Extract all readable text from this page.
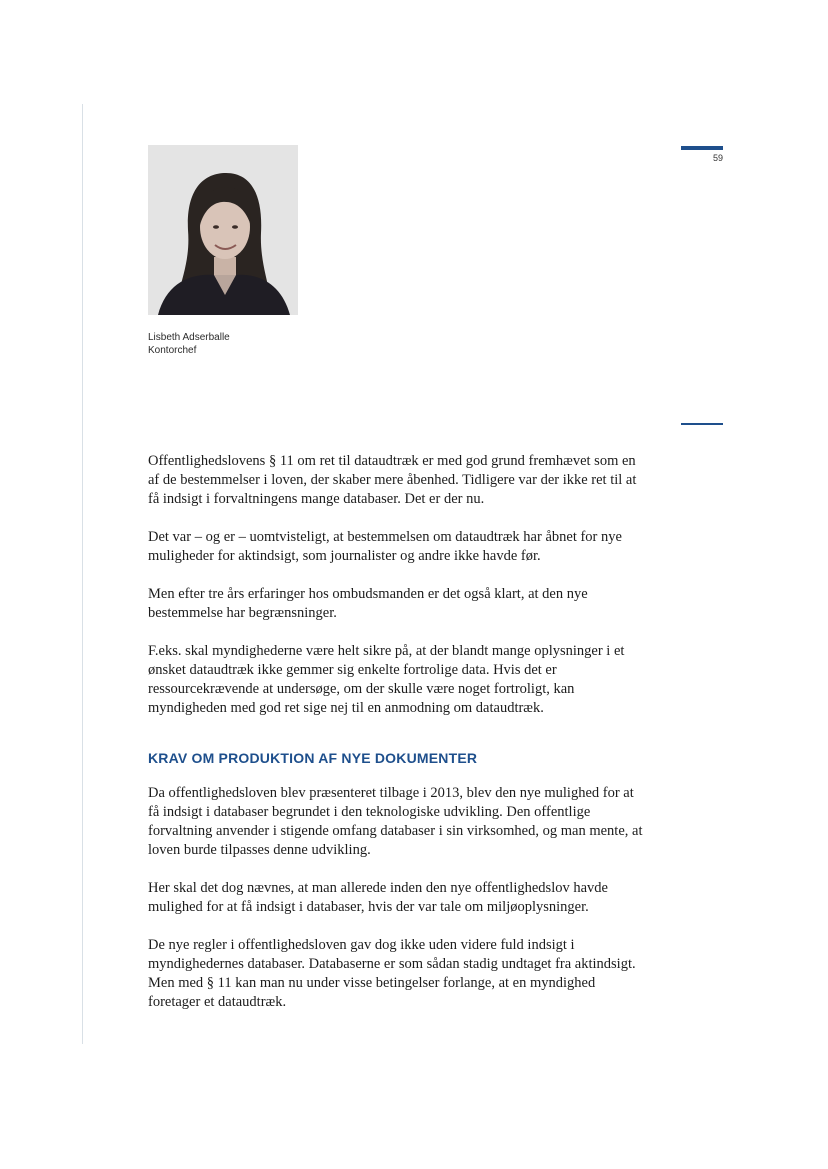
59
Lisbeth Adserballe
Kontorchef

Offentlighedslovens § 11 om ret til dataudtræk er med god grund fremhævet som en af de bestemmelser i loven, der skaber mere åbenhed. Tidligere var der ikke ret til at få indsigt i forvaltningens mange databaser. Det er der nu.

Det var – og er – uomtvisteligt, at bestemmelsen om dataudtræk har åbnet for nye muligheder for aktindsigt, som journalister og andre ikke havde før.

Men efter tre års erfaringer hos ombudsmanden er det også klart, at den nye bestemmelse har begrænsninger.

F.eks. skal myndighederne være helt sikre på, at der blandt mange oplysninger i et ønsket dataudtræk ikke gemmer sig enkelte fortrolige data. Hvis det er ressourcekrævende at undersøge, om der skulle være noget fortroligt, kan myndigheden med god ret sige nej til en anmodning om dataudtræk.

KRAV OM PRODUKTION AF NYE DOKUMENTER

Da offentlighedsloven blev præsenteret tilbage i 2013, blev den nye mulighed for at få indsigt i databaser begrundet i den teknologiske udvikling. Den offentlige forvaltning anvender i stigende omfang databaser i sin virksomhed, og man mente, at loven burde tilpasses denne udvikling.

Her skal det dog nævnes, at man allerede inden den nye offentlighedslov havde mulighed for at få indsigt i databaser, hvis der var tale om miljøoplysninger.

De nye regler i offentlighedsloven gav dog ikke uden videre fuld indsigt i myndighedernes databaser. Databaserne er som sådan stadig undtaget fra aktindsigt. Men med § 11 kan man nu under visse betingelser forlange, at en myndighed foretager et dataudtræk.
